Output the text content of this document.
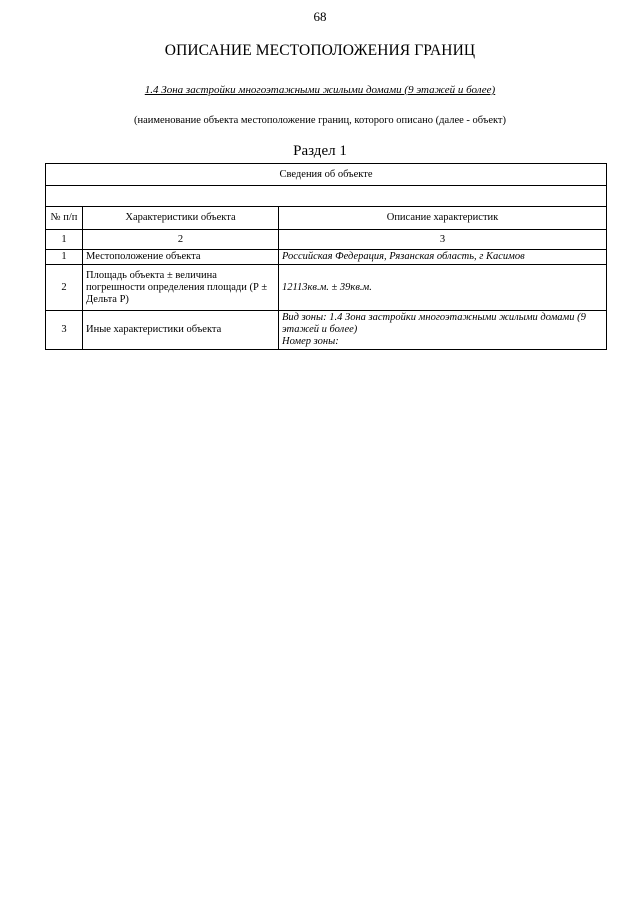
68
ОПИСАНИЕ МЕСТОПОЛОЖЕНИЯ ГРАНИЦ
1.4 Зона застройки многоэтажными жилыми домами (9 этажей и более)
(наименование объекта местоположение границ, которого описано (далее - объект)
Раздел 1
Сведения об объекте		

№ п/п	Характеристики объекта	Описание характеристик
1	2	3
1	Местоположение объекта	Российская Федерация, Рязанская область, г Касимов
2	Площадь объекта ± величина погрешности определения площади (Р ± Дельта Р)	12113кв.м. ± 39кв.м.
3	Иные характеристики объекта	Вид зоны: 1.4 Зона застройки многоэтажными жилыми домами (9 этажей и более)
Номер зоны:
